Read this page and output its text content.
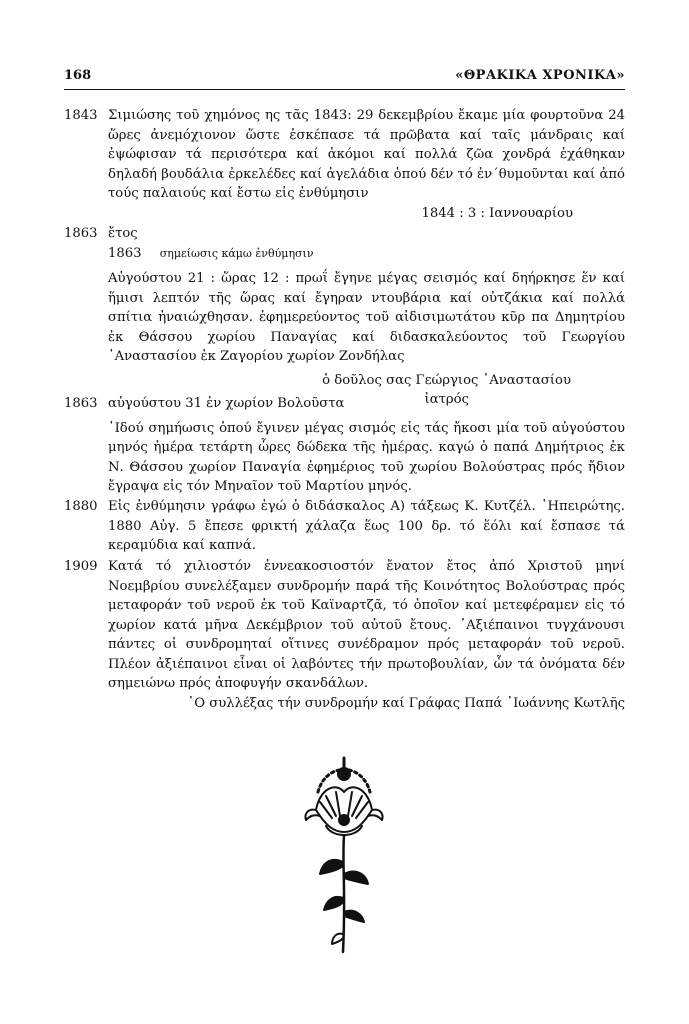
168	«ΘΡΑΚΙΚΑ ΧΡΟΝΙΚΑ»
1843 Σιμιώσης τοῦ χημόνος ης τᾶς 1843: 29 δεκεμβρίου ἔκαμε μία φουρτοῦνα 24 ὥρες ἀνεμόχιονον ὥστε ἐσκέπασε τά πρῶβατα καί ταῖς μάνδραις καί ἐψώφισαν τά περισότερα καί ἀκόμοι καί πολλά ζῶα χονδρά ἐχάθηκαν δηλαδή βουδάλια ἐρκελέδες καί ἀγελάδια ὁπού δέν τό ἐν΄θυμοῦνται καί ἀπό τούς παλαιούς καί ἔστω εἰς ἐνθύμησιν
1844 : 3 : Ιαννουαρίου
1863 ἔτος
1863 σημείωσις κάμω ἐνθύμησιν
Αὐγούστου 21 : ὥρας 12 : πρωΐ ἔγηνε μέγας σεισμός καί δηήρκησε ἕν καί ἥμισι λεπτόν τῆς ὥρας καί ἔγηραν ντουβάρια καί οὐτζάκια καί πολλά σπίτια ἠναιώχθησαν. ἐφημερεύοντος τοῦ αἰδισιμωτάτου κῦρ πα Δημητρίου ἐκ Θάσσου χωρίου Παναγίας καί διδασκαλεύοντος τοῦ Γεωργίου ᾿Αναστασίου ἐκ Ζαγορίου χωρίον Ζονδήλας
ὁ δοῦλος σας Γεώργιος ῾Αναστασίου
ἰατρός
1863 αὐγούστου 31 ἐν χωρίον Βολοῦστα
᾿Ιδού σημήωσις ὁπού ἔγινεν μέγας σισμός εἰς τάς ἤκοσι μία τοῦ αὐγούστου μηνός ἡμέρα τετάρτη ὧρες δώδεκα τῆς ἡμέρας. καγώ ὁ παπά Δημήτριος ἐκ Ν. Θάσσου χωρίον Παναγία ἐφημέριος τοῦ χωρίου Βολούστρας πρός ἤδιον ἔγραψα εἰς τόν Μηναῖον τοῦ Μαρτίου μηνός.
1880 Εἰς ἐνθύμησιν γράφω ἐγώ ὁ διδάσκαλος Α) τάξεως Κ. Κυτζέλ. ῾Ηπειρώτης. 1880 Αὐγ. 5 ἔπεσε φρικτή χάλαζα ἕως 100 δρ. τό ἕόλι καί ἔσπασε τά κεραμύδια καί καπνά.
1909 Κατά τό χιλιοστόν ἐννεακοσιοστόν ἔνατον ἔτος ἀπό Χριστοῦ μηνί Νοεμβρίου συνελέξαμεν συνδρομήν παρά τῆς Κοινότητος Βολούστρας πρός μεταφοράν τοῦ νεροῦ ἐκ τοῦ Καϊναρτζᾶ, τό ὁποῖον καί μετεφέραμεν εἰς τό χωρίον κατά μῆνα Δεκέμβριον τοῦ αὐτοῦ ἔτους. ᾿Αξιέπαινοι τυγχάνουσι πάντες οἱ συνδρομηταί οἵτινες συνέδραμον πρός μεταφοράν τοῦ νεροῦ. Πλέον ἀξιέπαινοι εἶναι οἱ λαβόντες τήν πρωτοβουλίαν, ὧν τά ὀνόματα δέν σημειώνω πρός ἀποφυγήν σκανδάλων.
῾Ο συλλέξας τήν συνδρομήν καί Γράφας Παπά ᾿Ιωάννης Κωτλῆς
